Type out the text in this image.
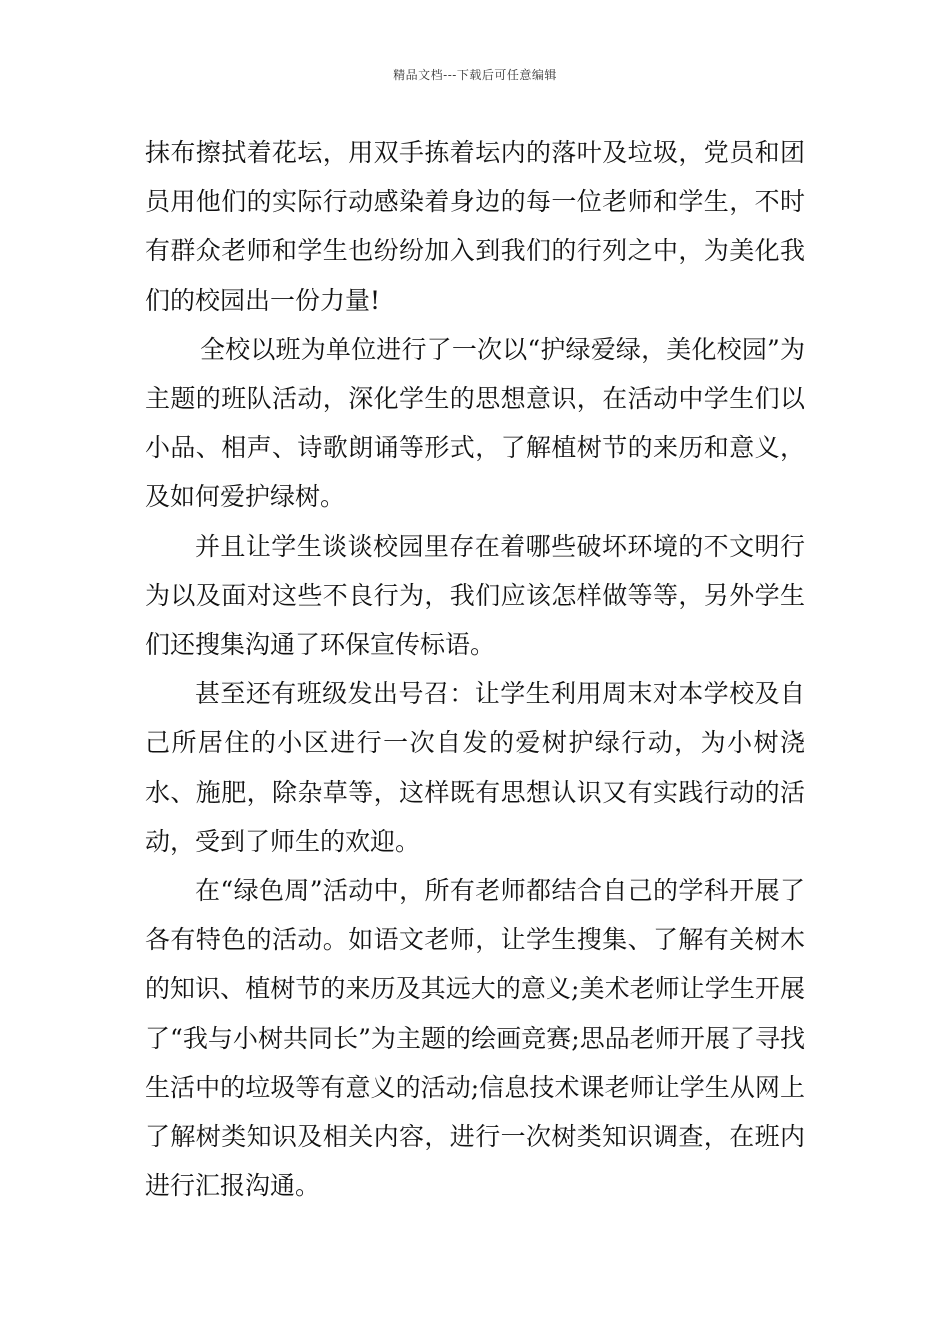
精品文档---下载后可任意编辑

抹布擦拭着花坛，用双手拣着坛内的落叶及垃圾，党员和团员用他们的实际行动感染着身边的每一位老师和学生，不时有群众老师和学生也纷纷加入到我们的行列之中，为美化我们的校园出一份力量!

全校以班为单位进行了一次以“护绿爱绿，美化校园”为主题的班队活动，深化学生的思想意识，在活动中学生们以小品、相声、诗歌朗诵等形式，了解植树节的来历和意义，及如何爱护绿树。

并且让学生谈谈校园里存在着哪些破坏环境的不文明行为以及面对这些不良行为，我们应该怎样做等等，另外学生们还搜集沟通了环保宣传标语。

甚至还有班级发出号召：让学生利用周末对本学校及自己所居住的小区进行一次自发的爱树护绿行动，为小树浇水、施肥，除杂草等，这样既有思想认识又有实践行动的活动，受到了师生的欢迎。

在“绿色周”活动中，所有老师都结合自己的学科开展了各有特色的活动。如语文老师，让学生搜集、了解有关树木的知识、植树节的来历及其远大的意义;美术老师让学生开展了“我与小树共同长”为主题的绘画竞赛;思品老师开展了寻找生活中的垃圾等有意义的活动;信息技术课老师让学生从网上了解树类知识及相关内容，进行一次树类知识调查，在班内进行汇报沟通。
